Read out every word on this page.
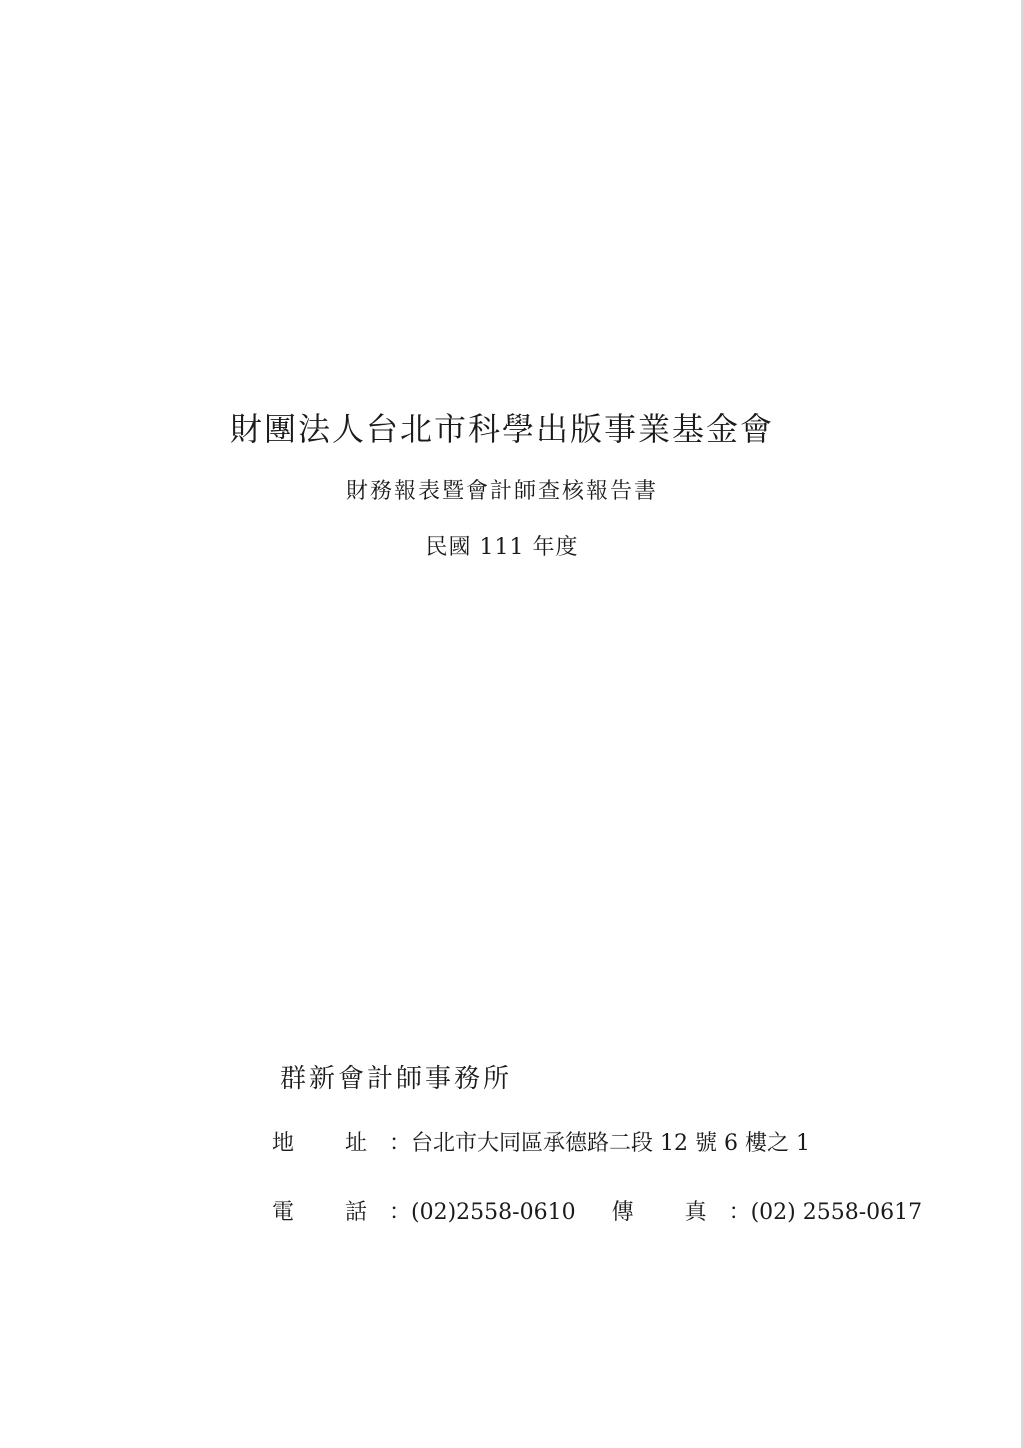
財團法人台北市科學出版事業基金會
財務報表暨會計師查核報告書
民國 111 年度
群新會計師事務所
地 址：台北市大同區承德路二段 12 號 6 樓之 1
電 話：(02)2558-0610 傳 真：(02) 2558-0617
